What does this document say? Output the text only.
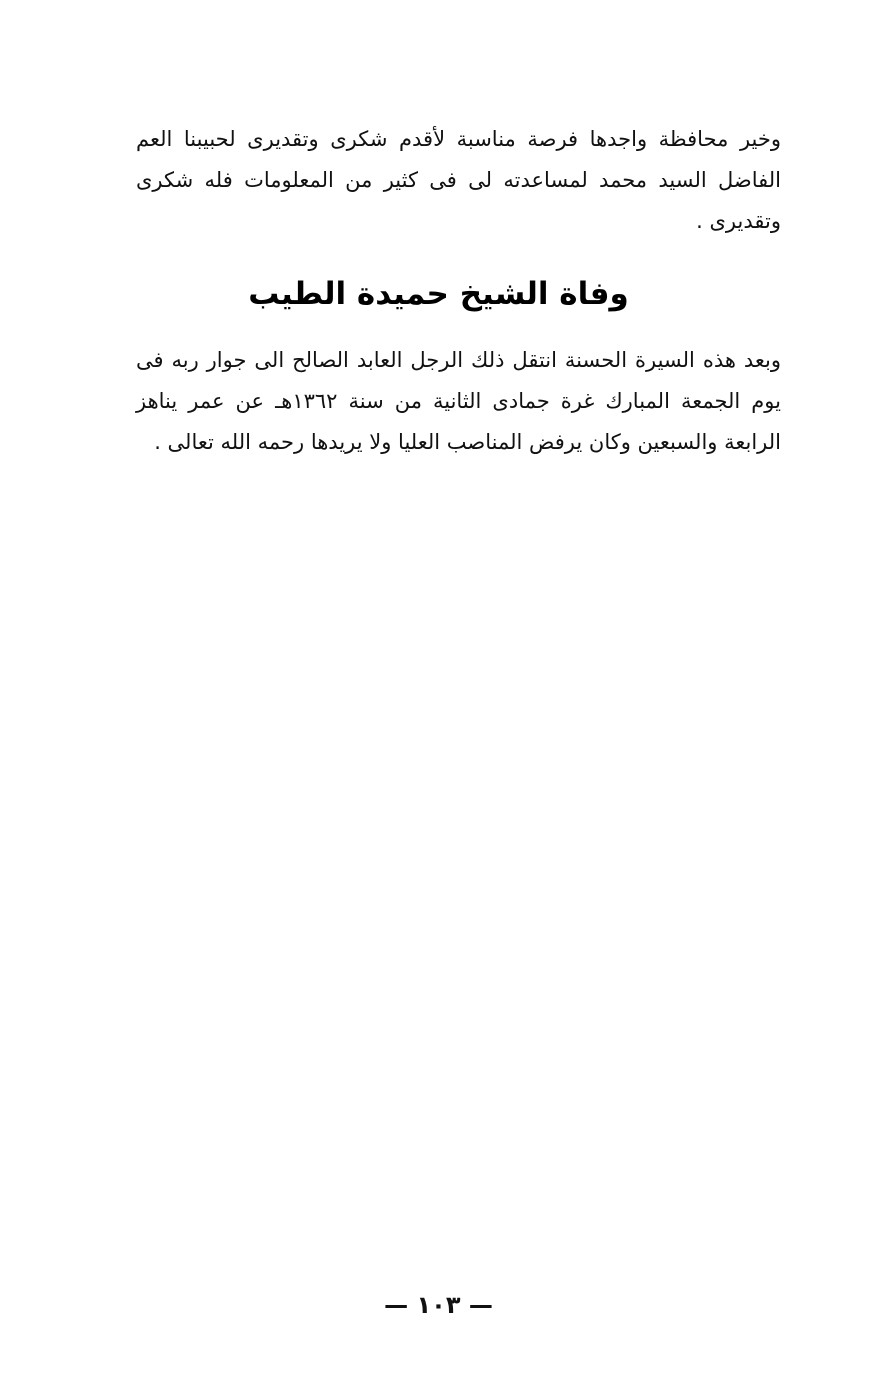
وخير محافظة واجدها فرصة مناسبة لأقدم شكرى وتقديرى لحبيبنا العم الفاضل السيد محمد لمساعدته لى فى كثير من المعلومات فله شكرى وتقديرى .

وفاة الشيخ حميدة الطيب

وبعد هذه السيرة الحسنة انتقل ذلك الرجل العابد الصالح الى جوار ربه فى يوم الجمعة المبارك غرة جمادى الثانية من سنة ١٣٦٢هـ عن عمر يناهز الرابعة والسبعين وكان يرفض المناصب العليا ولا يريدها رحمه الله تعالى .

— ١٠٣ —
